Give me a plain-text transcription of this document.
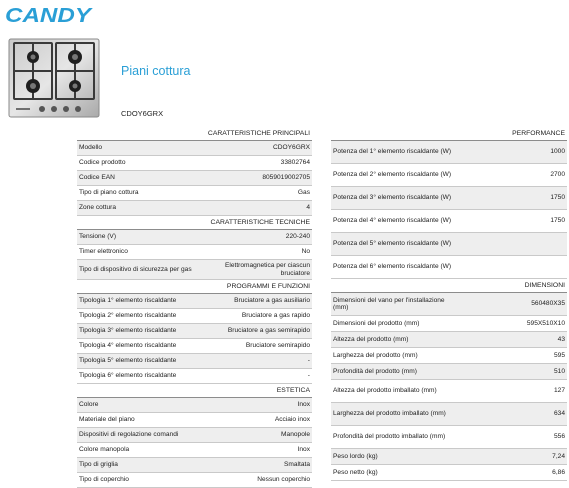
CANDY
Piani cottura
CDOY6GRX
CARATTERISTICHE PRINCIPALI	
Modello	CDOY6GRX
Codice prodotto	33802764
Codice EAN	8059019002705
Tipo di piano cottura	Gas
Zone cottura	4
CARATTERISTICHE TECNICHE	
Tensione (V)	220-240
Timer elettronico	No
Tipo di dispositivo di sicurezza per gas	Elettromagnetica per ciascun bruciatore
PROGRAMMI E FUNZIONI	
Tipologia 1° elemento riscaldante	Bruciatore a gas ausiliario
Tipologia 2° elemento riscaldante	Bruciatore a gas rapido
Tipologia 3° elemento riscaldante	Bruciatore a gas semirapido
Tipologia 4° elemento riscaldante	Bruciatore semirapido
Tipologia 5° elemento riscaldante	-
Tipologia 6° elemento riscaldante	-
ESTETICA	
Colore	Inox
Materiale del piano	Acciaio inox
Dispositivi di regolazione comandi	Manopole
Colore manopola	Inox
Tipo di griglia	Smaltata
Tipo di coperchio	Nessun coperchio
PERFORMANCE	
Potenza del 1° elemento riscaldante (W)	1000
Potenza del 2° elemento riscaldante (W)	2700
Potenza del 3° elemento riscaldante (W)	1750
Potenza del 4° elemento riscaldante (W)	1750
Potenza del 5° elemento riscaldante (W)	
Potenza del 6° elemento riscaldante (W)	
DIMENSIONI	
Dimensioni del vano per l'installazione (mm)	560480X35
Dimensioni del prodotto (mm)	595X510X10
Altezza del prodotto (mm)	43
Larghezza del prodotto (mm)	595
Profondità del prodotto (mm)	510
Altezza del prodotto imballato (mm)	127
Larghezza del prodotto imballato (mm)	634
Profondità del prodotto imballato (mm)	556
Peso lordo (kg)	7,24
Peso netto (kg)	6,86
